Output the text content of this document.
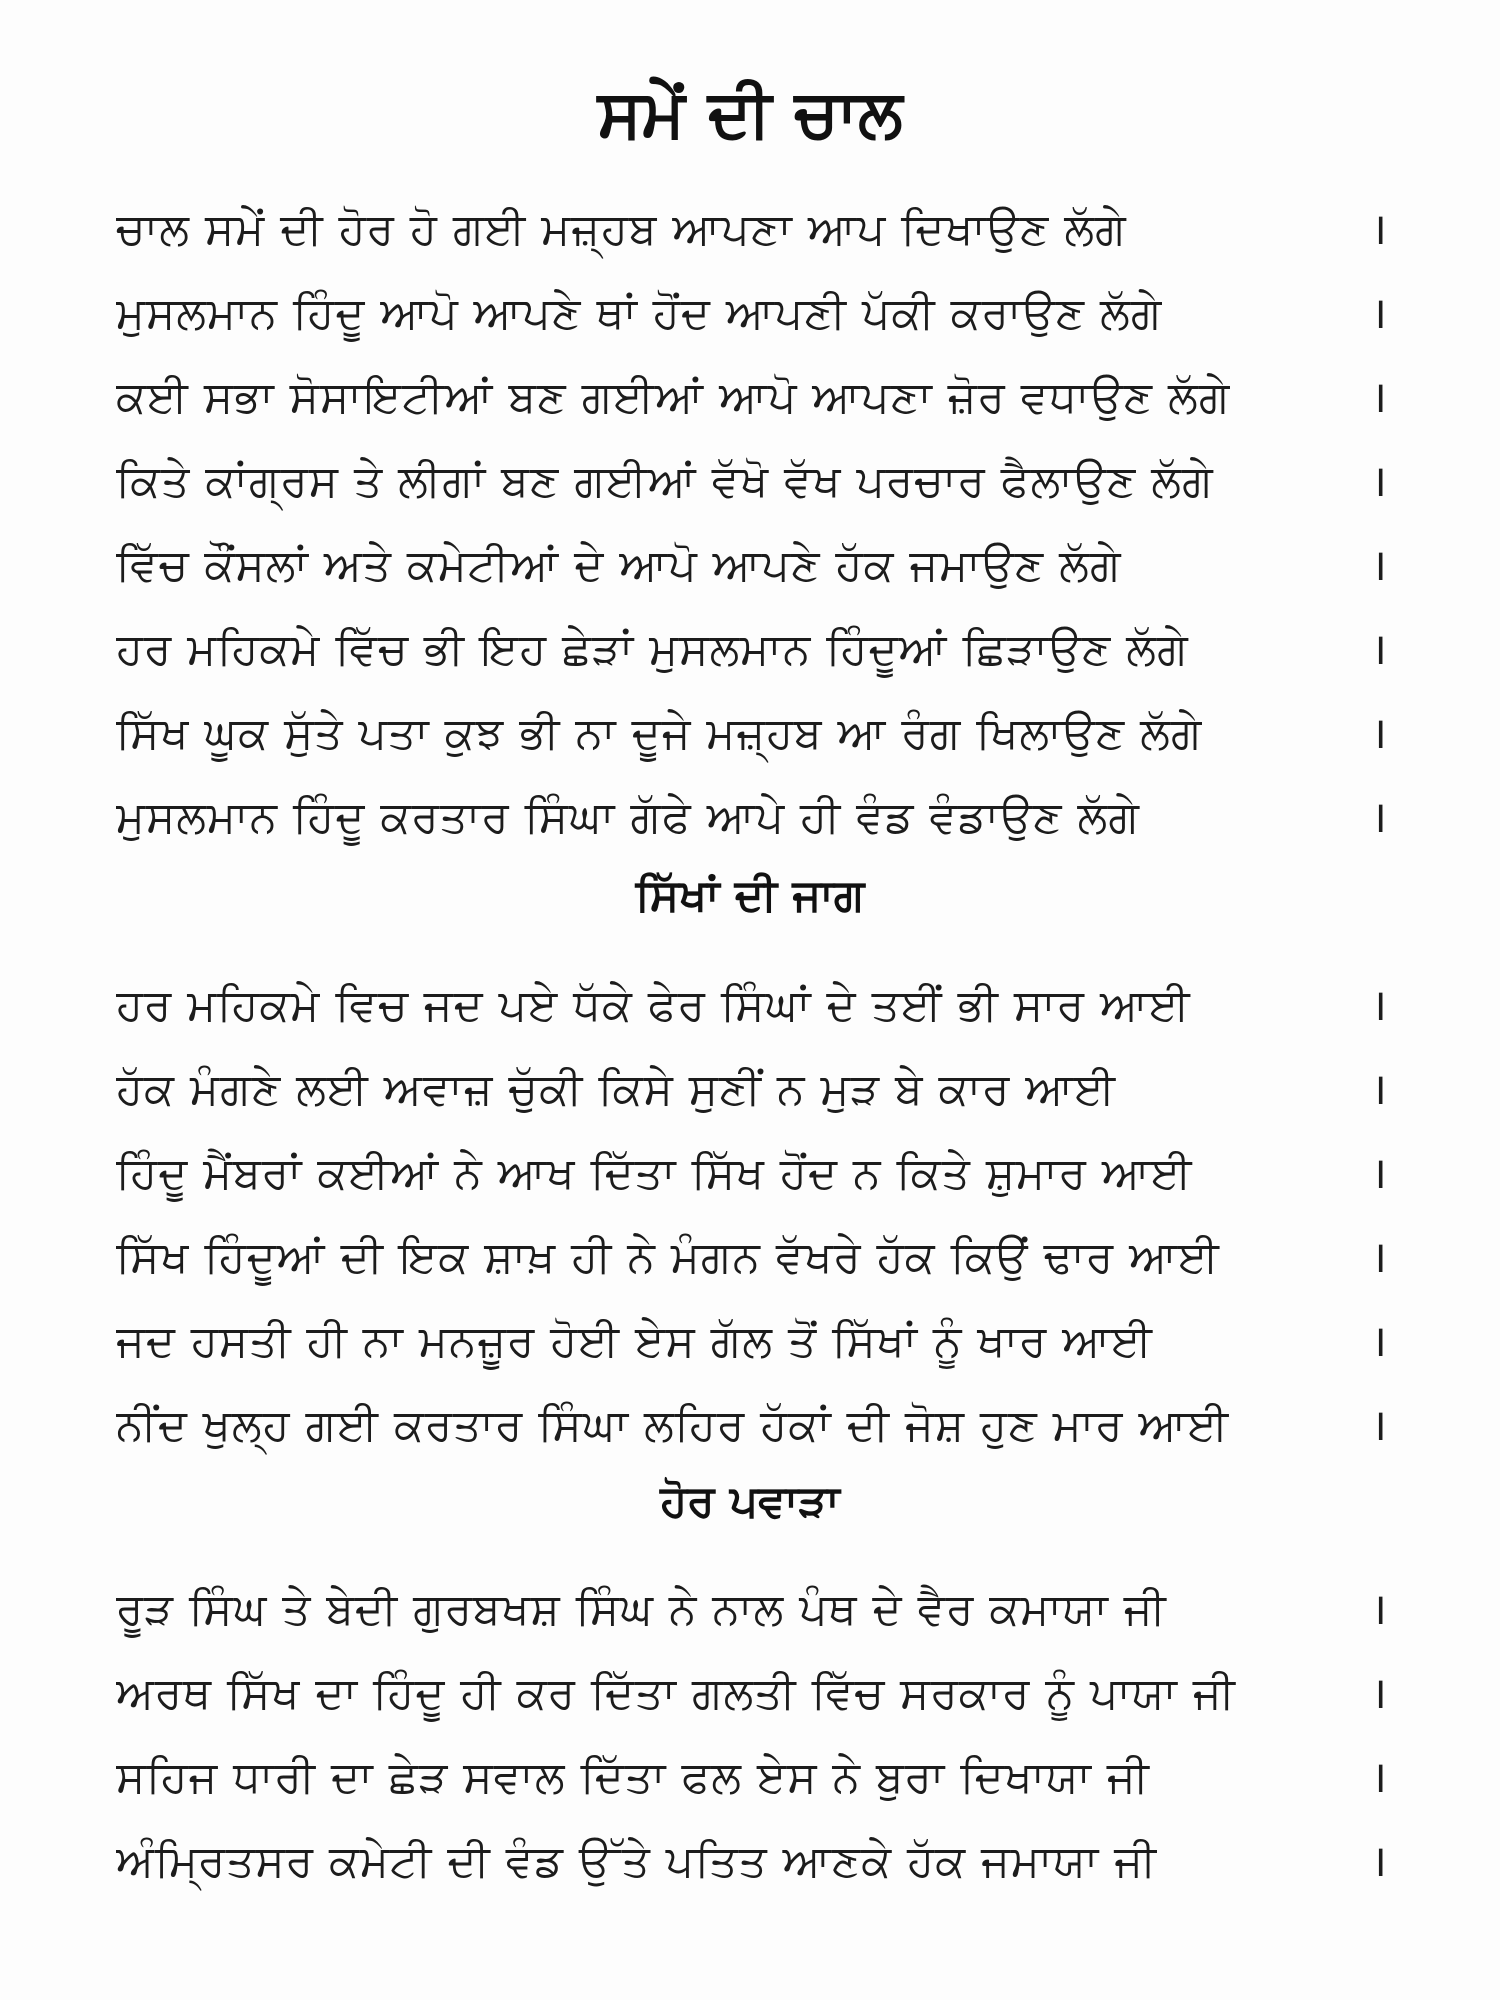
ਸਮੇਂ ਦੀ ਚਾਲ
ਚਾਲ ਸਮੇਂ ਦੀ ਹੋਰ ਹੋ ਗਈ ਮਜ਼੍ਹਬ ਆਪਣਾ ਆਪ ਦਿਖਾਉਣ ਲੱਗੇ	।
ਮੁਸਲਮਾਨ ਹਿੰਦੂ ਆਪੋ ਆਪਣੇ ਥਾਂ ਹੋਂਦ ਆਪਣੀ ਪੱਕੀ ਕਰਾਉਣ ਲੱਗੇ	।
ਕਈ ਸਭਾ ਸੋਸਾਇਟੀਆਂ ਬਣ ਗਈਆਂ ਆਪੋ ਆਪਣਾ ਜ਼ੋਰ ਵਧਾਉਣ ਲੱਗੇ	।
ਕਿਤੇ ਕਾਂਗ੍ਰਸ ਤੇ ਲੀਗਾਂ ਬਣ ਗਈਆਂ ਵੱਖੋ ਵੱਖ ਪਰਚਾਰ ਫੈਲਾਉਣ ਲੱਗੇ	।
ਵਿੱਚ ਕੌਂਸਲਾਂ ਅਤੇ ਕਮੇਟੀਆਂ ਦੇ ਆਪੋ ਆਪਣੇ ਹੱਕ ਜਮਾਉਣ ਲੱਗੇ	।
ਹਰ ਮਹਿਕਮੇ ਵਿੱਚ ਭੀ ਇਹ ਛੇੜਾਂ ਮੁਸਲਮਾਨ ਹਿੰਦੂਆਂ ਛਿੜਾਉਣ ਲੱਗੇ	।
ਸਿੱਖ ਘੂਕ ਸੁੱਤੇ ਪਤਾ ਕੁਝ ਭੀ ਨਾ ਦੂਜੇ ਮਜ਼੍ਹਬ ਆ ਰੰਗ ਖਿਲਾਉਣ ਲੱਗੇ	।
ਮੁਸਲਮਾਨ ਹਿੰਦੂ ਕਰਤਾਰ ਸਿੰਘਾ ਗੱਫੇ ਆਪੇ ਹੀ ਵੰਡ ਵੰਡਾਉਣ ਲੱਗੇ	।
ਸਿੱਖਾਂ ਦੀ ਜਾਗ
ਹਰ ਮਹਿਕਮੇ ਵਿਚ ਜਦ ਪਏ ਧੱਕੇ ਫੇਰ ਸਿੰਘਾਂ ਦੇ ਤਈਂ ਭੀ ਸਾਰ ਆਈ	।
ਹੱਕ ਮੰਗਣੇ ਲਈ ਅਵਾਜ਼ ਚੁੱਕੀ ਕਿਸੇ ਸੁਣੀਂ ਨ ਮੁੜ ਬੇ ਕਾਰ ਆਈ	।
ਹਿੰਦੂ ਮੈਂਬਰਾਂ ਕਈਆਂ ਨੇ ਆਖ ਦਿੱਤਾ ਸਿੱਖ ਹੋਂਦ ਨ ਕਿਤੇ ਸ਼ੁਮਾਰ ਆਈ	।
ਸਿੱਖ ਹਿੰਦੂਆਂ ਦੀ ਇਕ ਸ਼ਾਖ਼ ਹੀ ਨੇ ਮੰਗਨ ਵੱਖਰੇ ਹੱਕ ਕਿਉਂ ਢਾਰ ਆਈ	।
ਜਦ ਹਸਤੀ ਹੀ ਨਾ ਮਨਜ਼ੂਰ ਹੋਈ ਏਸ ਗੱਲ ਤੋਂ ਸਿੱਖਾਂ ਨੂੰ ਖਾਰ ਆਈ	।
ਨੀਂਦ ਖੁਲ੍ਹ ਗਈ ਕਰਤਾਰ ਸਿੰਘਾ ਲਹਿਰ ਹੱਕਾਂ ਦੀ ਜੋਸ਼ ਹੁਣ ਮਾਰ ਆਈ	।
ਹੋਰ ਪਵਾੜਾ
ਰੂੜ ਸਿੰਘ ਤੇ ਬੇਦੀ ਗੁਰਬਖਸ਼ ਸਿੰਘ ਨੇ ਨਾਲ ਪੰਥ ਦੇ ਵੈਰ ਕਮਾਯਾ ਜੀ	।
ਅਰਥ ਸਿੱਖ ਦਾ ਹਿੰਦੂ ਹੀ ਕਰ ਦਿੱਤਾ ਗਲਤੀ ਵਿੱਚ ਸਰਕਾਰ ਨੂੰ ਪਾਯਾ ਜੀ	।
ਸਹਿਜ ਧਾਰੀ ਦਾ ਛੇੜ ਸਵਾਲ ਦਿੱਤਾ ਫਲ ਏਸ ਨੇ ਬੁਰਾ ਦਿਖਾਯਾ ਜੀ	।
ਅੰਮ੍ਰਿਤਸਰ ਕਮੇਟੀ ਦੀ ਵੰਡ ਉੱਤੇ ਪਤਿਤ ਆਣਕੇ ਹੱਕ ਜਮਾਯਾ ਜੀ	।
